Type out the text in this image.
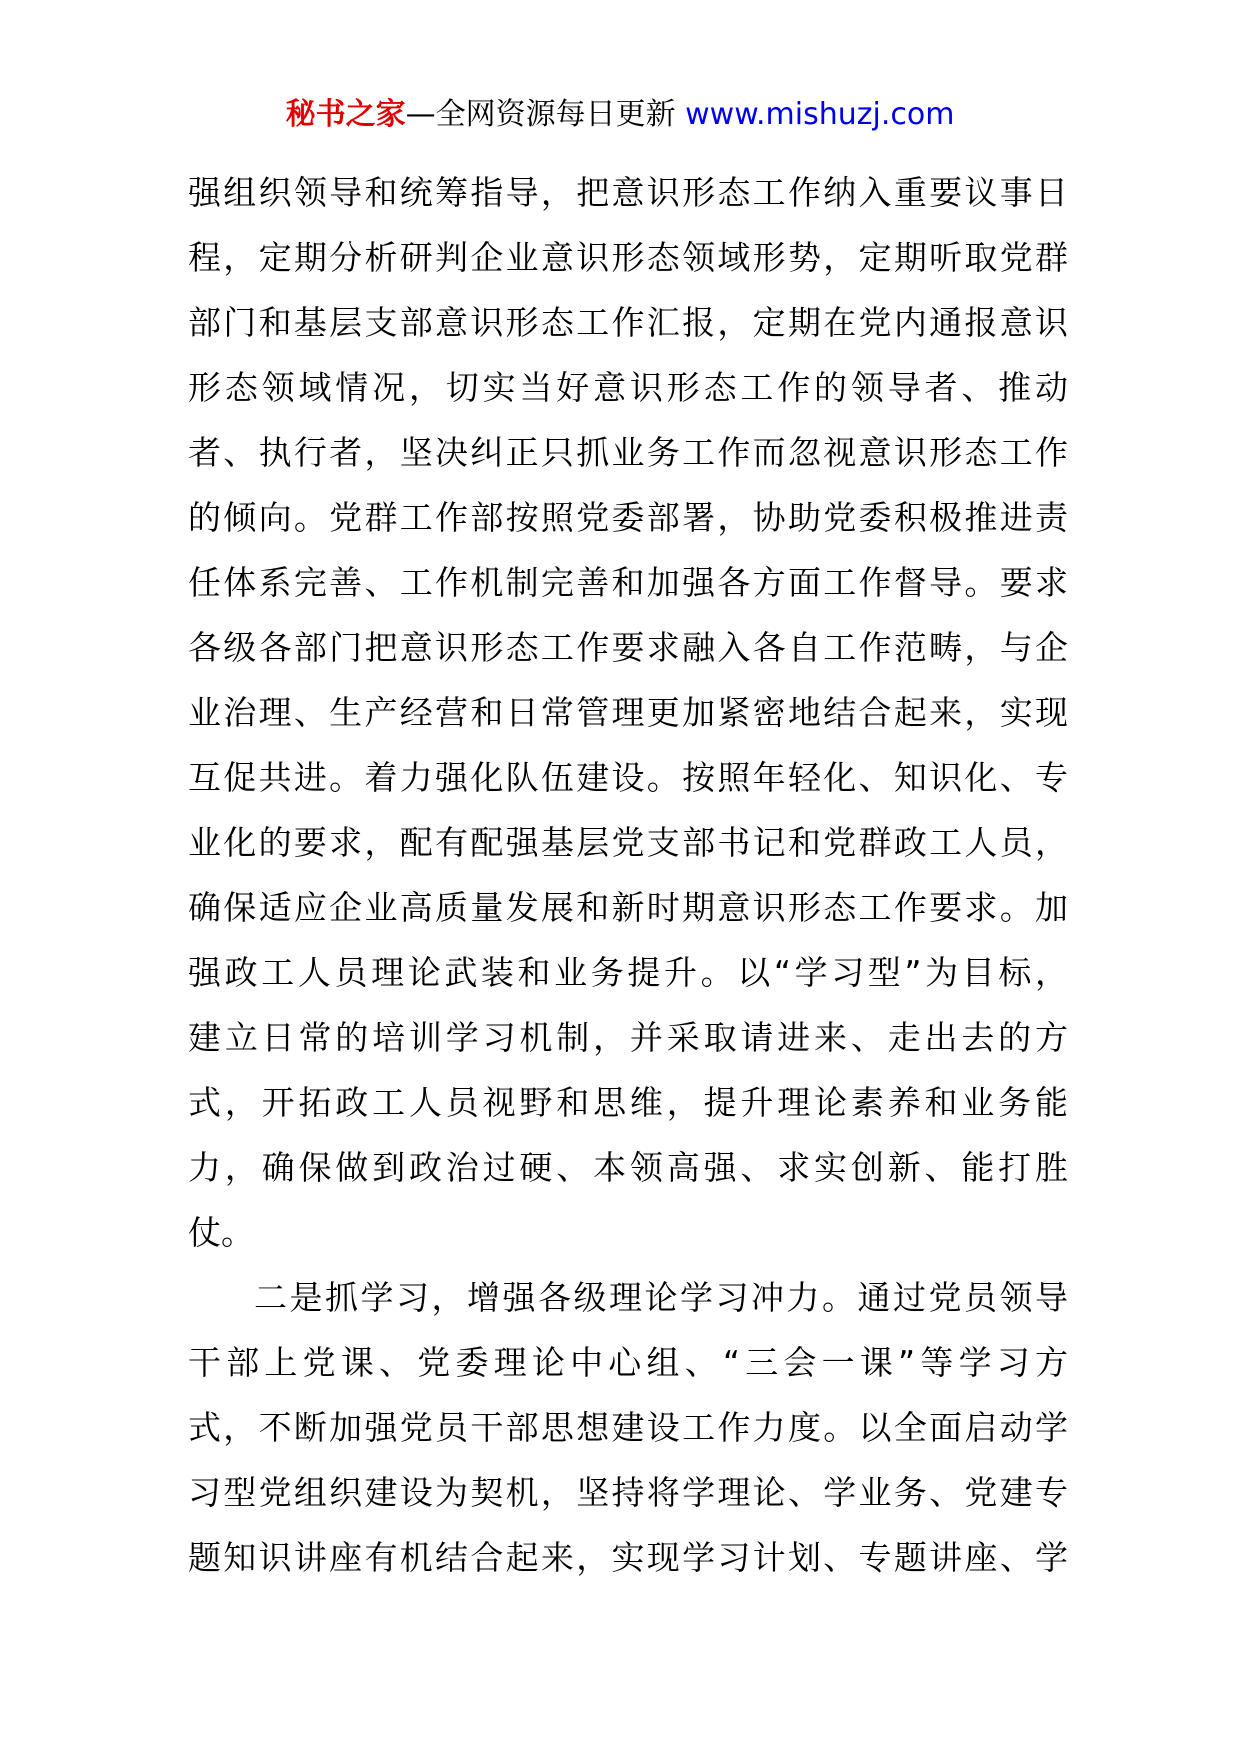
秘书之家—全网资源每日更新 www.mishuzj.com
强组织领导和统筹指导，把意识形态工作纳入重要议事日
程，定期分析研判企业意识形态领域形势，定期听取党群
部门和基层支部意识形态工作汇报，定期在党内通报意识
形态领域情况，切实当好意识形态工作的领导者、推动
者、执行者，坚决纠正只抓业务工作而忽视意识形态工作
的倾向。党群工作部按照党委部署，协助党委积极推进责
任体系完善、工作机制完善和加强各方面工作督导。要求
各级各部门把意识形态工作要求融入各自工作范畴，与企
业治理、生产经营和日常管理更加紧密地结合起来，实现
互促共进。着力强化队伍建设。按照年轻化、知识化、专
业化的要求，配有配强基层党支部书记和党群政工人员，
确保适应企业高质量发展和新时期意识形态工作要求。加
强政工人员理论武装和业务提升。以“学习型”为目标，
建立日常的培训学习机制，并采取请进来、走出去的方
式，开拓政工人员视野和思维，提升理论素养和业务能
力，确保做到政治过硬、本领高强、求实创新、能打胜
仗。
二是抓学习，增强各级理论学习冲力。通过党员领导
干部上党课、党委理论中心组、“三会一课”等学习方
式，不断加强党员干部思想建设工作力度。以全面启动学
习型党组织建设为契机，坚持将学理论、学业务、党建专
题知识讲座有机结合起来，实现学习计划、专题讲座、学
